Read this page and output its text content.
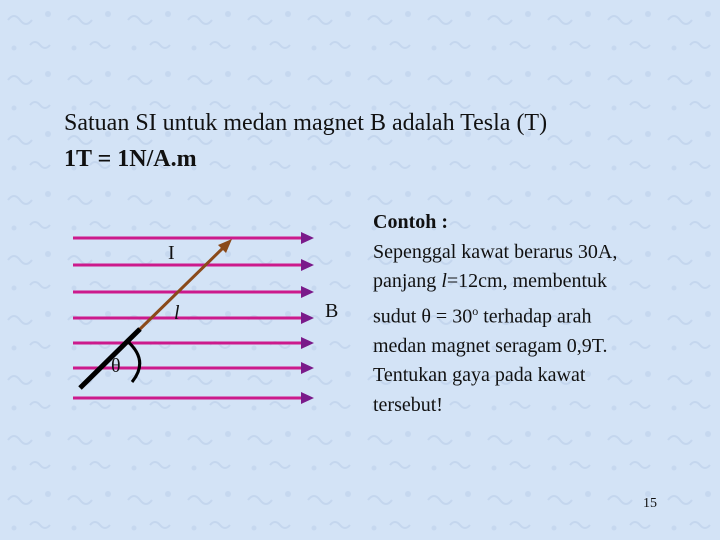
Satuan SI untuk medan magnet B adalah Tesla (T)
1T = 1N/A.m
I
l	B
θ
Contoh :
Sepenggal kawat berarus 30A,
panjang l=12cm, membentuk
sudut $\theta = 30^o$ terhadap arah
medan magnet seragam 0,9T.
Tentukan gaya pada kawat
tersebut!
15
